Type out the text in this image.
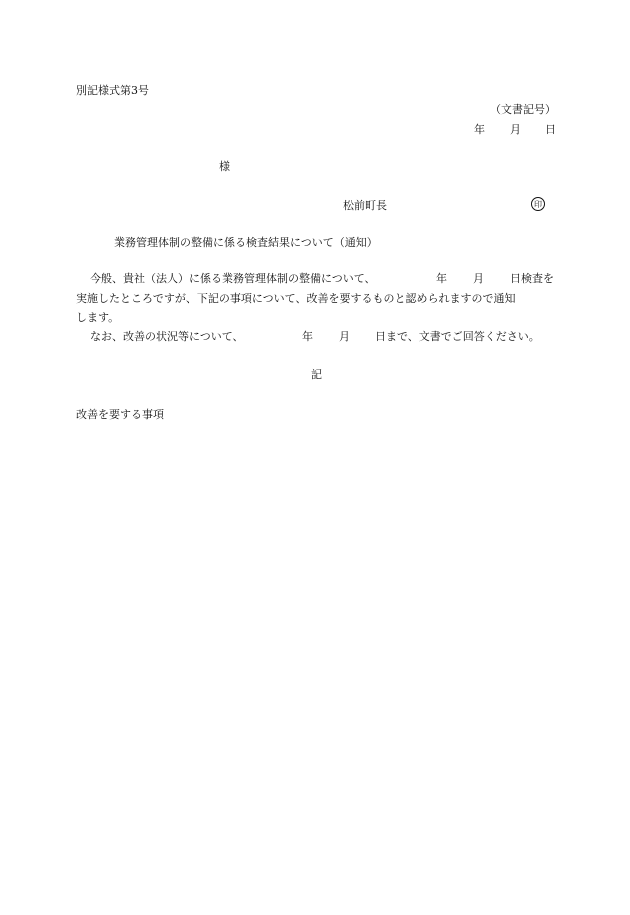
別記様式第3号
（文書記号）
年 月 日
様
松前町長	印
業務管理体制の整備に係る検査結果について（通知）
今般、貴社（法人）に係る業務管理体制の整備について、	年 月 日検査を
実施したところですが、下記の事項について、改善を要するものと認められますので通知
します。
なお、改善の状況等について、	年 月 日まで、文書でご回答ください。
記
改善を要する事項
